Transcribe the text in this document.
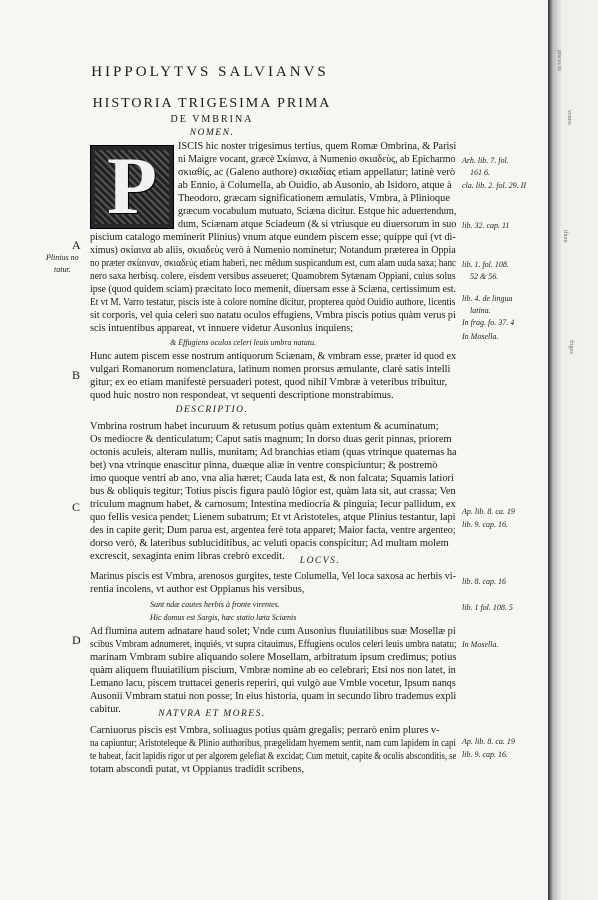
HIPPOLYTVS SALVIANVS
HISTORIA TRIGESIMA PRIMA
DE VMBRINA
NOMEN.
P	ISCIS hic noster trigesimus tertius, quem Romæ Ombrina, & Parisi
ni Maigre vocant, græcè Σκίαινα, à Numenio σκιαδεὺς, ab Epicharmo
σκιαθίς, ac (Galeno authore) σκιαδίας etiam appellatur; latinè verò
ab Ennio, à Columella, ab Ouidio, ab Ausonio, ab Isidoro, atque à
Theodoro, græcam significationem æmulatis, Vmbra, à Plinioque
græcum vocabulum mutuato, Sciæna dicitur. Estque hic aduertendum,
dum, Sciænam atque Sciadeum (& si vtriusque eu diuersorum in suo
piscium catalogo meminerit Plinius) vnum atque eundem piscem esse; quippe qui (vt di-
ximus) σκίαινα ab aliis, σκιαδεὺς verò à Numenio nominetur; Notandum præterea in Oppia
no præter σκίαιναν, σκιαδεὺς etiam haberi, nec mêdum suspicandum est, cum alam uuda saxa; hanc
nero saxa herbisq. colere, eisdem versibus asseueret; Quamobrem Sytænam Oppiani, cuius solus
ipse (quod quidem sciam) præcitato loco memenit, diuersam esse à Sciæna, certissimum est.
Et vt M. Varro testatur, piscis iste à colore nomine dicitur, propterea quòd Ouidio authore, licentis
sit corporis, vel quia celeri suo natatu oculos effugiens, Vmbra piscis potius quàm verus pi
scis intuentibus appareat, vt innuere videtur Ausonius inquiens;
& Effugiens oculos celeri leuis umbra natatu.
Hunc autem piscem esse nostrum antiquorum Sciænam, & vmbram esse, præter id quod ex
vulgari Romanorum nomenclatura, latinum nomen prorsus æmulante, clarè satis intelli
gitur; ex eo etiam manifestè persuaderi potest, quod nihil Vmbræ à veteribus tribuitur,
quod huic nostro non respondeat, vt sequenti descriptione monstrabimus.
DESCRIPTIO.
Vmbrina rostrum habet incuruum & retusum potius quàm extentum & acuminatum;
Os mediocre & denticulatum; Caput satis magnum; In dorso duas gerit pinnas, priorem
octonis aculeis, alteram nullis, munitam; Ad branchias etiam (quas vtrinque quaternas ha
bet) vna vtrinque enascitur pinna, duæque aliæ in ventre conspiciuntur; & postremò
imo quoque ventri ab ano, vna alia hæret; Cauda lata est, & non falcata; Squamis latiori
bus & obliquis tegitur; Totius piscis figura paulò lôgior est, quàm lata sit, aut crassa; Ven
triculum magnum habet, & carnosum; Intestina mediocria & pinguia; Iecur pallidum, ex
quo fellis vesica pendet; Lienem subatrum; Et vt Aristoteles, atque Plinius testantur, lapi
des in capite gerit; Dum parua est, argentea ferè tota apparet; Maior facta, ventre argenteo;
dorso verò, & lateribus subluciditibus, ac veluti opacis conspicitur; Ad multam molem
excrescit, sexaginta enim libras crebrò excedit.	LOCVS.
Marinus piscis est Vmbra, arenosos gurgites, teste Columella, Vel loca saxosa ac herbis vi-
rentia incolens, vt author est Oppianus his versibus,
Sunt ndæ cautes herbis à fronte virentes.
Hic domus est Sargis, hæc statio læta Sciænis
Ad flumina autem adnatare haud solet; Vnde cum Ausonius fluuiatilibus suæ Mosellæ pi
scibus Vmbram adnumeret, inquiés, vt supra citauimus, Effugiens oculos celeri leuis umbra natatu;
marinam Vmbram subire aliquando solere Mosellam, arbitratum ipsum credimus; potius
quàm aliquem fluuiatilium piscium, Vmbræ nomine ab eo celebrari; Etsi nos non latet, in
Lemano lacu, piscem truttacei generis reperiri, qui vulgò aue Vmble vocetur, Ipsum nanqs
Ausonii Vmbram statui non posse; In eius historia, quam in secundo libro trademus expli
cabitur.	NATVRA ET MORES.
Carniuorus piscis est Vmbra, soliuagus potius quàm gregalis; perrarò enim plures v-
na capiuntur; Aristoteleque & Plinio authoribus, prægelidam hyemem sentit, nam cum lapidem in capi
te habeat, facit lapidis rigor ut per algorem gelefiat & excidat; Cum metuit, capite & oculis absconditis, se
totam abscondi putat, vt Oppianus tradidit scribens,
A
Plinius no
tatur.
B
C
D
Arh. lib. 7. fol.
161 6.
cla. lib. 2. fol. 29. II
lib. 32. cap. 11
lib. 1. fol. 108.
52 & 56.
lib. 4. de lingua
latina.
In frag. fo. 37. 4
In Mosella.
Ap. lib. 8. ca. 19
lib. 9. cap. 16.
lib. 8. cap. 16
lib. 1 fol. 108. 5
In Mosella.
Ap. lib. 8. ca. 19
lib. 9. cap. 16.
pisces in
ventre
ilium
frigus
